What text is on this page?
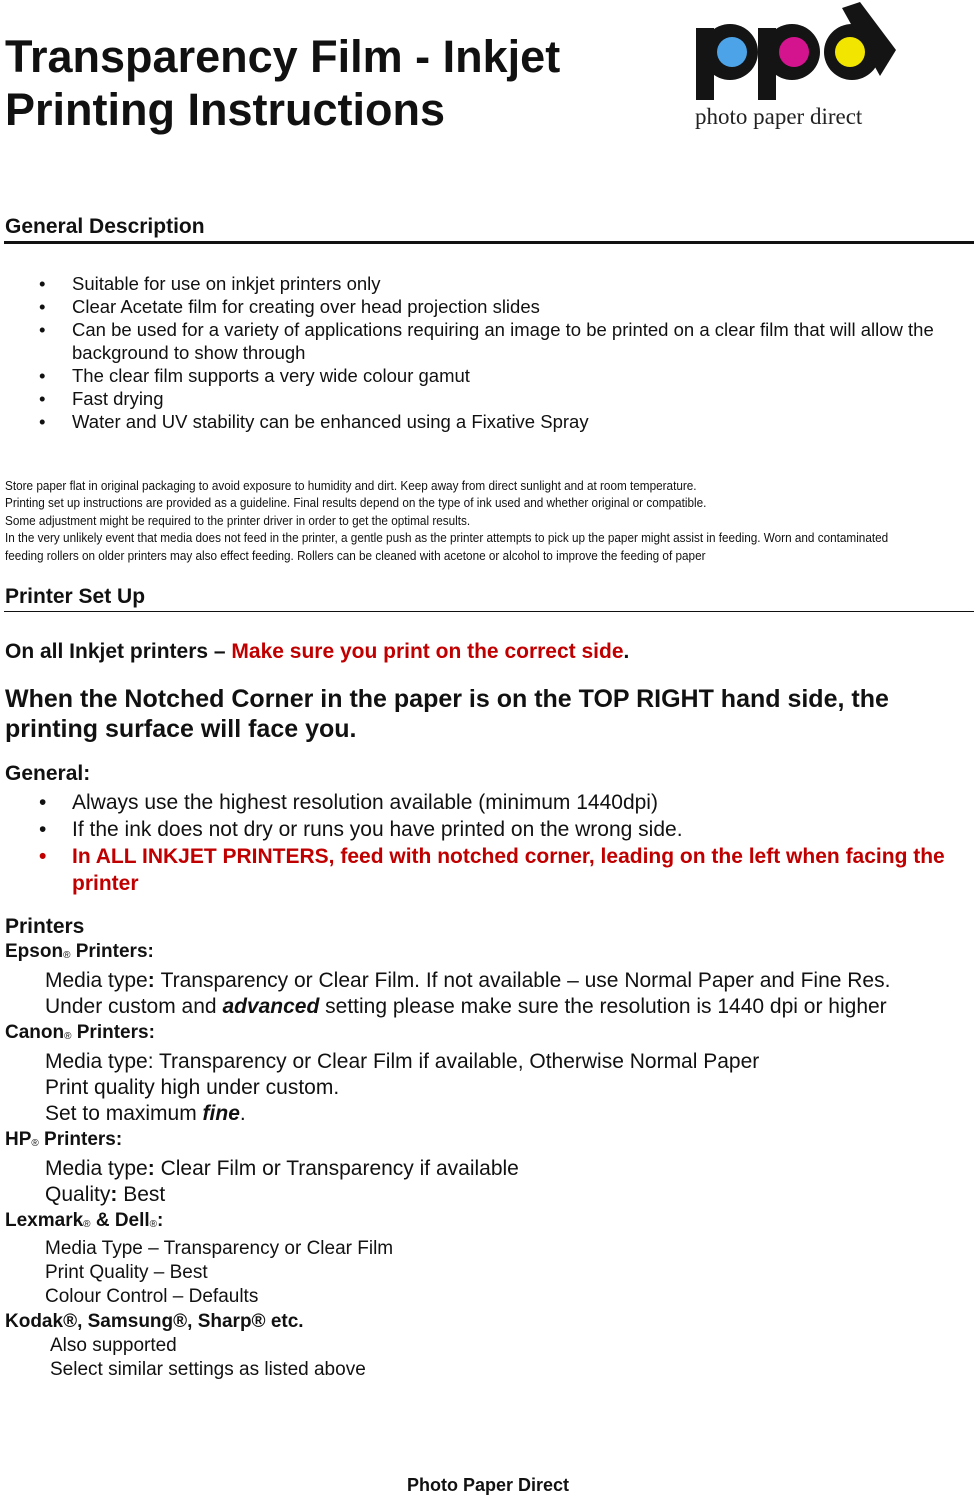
Transparency Film - Inkjet
Printing Instructions	photo paper direct
General Description
• Suitable for use on inkjet printers only
• Clear Acetate film for creating over head projection slides
• Can be used for a variety of applications requiring an image to be printed on a clear film that will allow the background to show through
• The clear film supports a very wide colour gamut
• Fast drying
• Water and UV stability can be enhanced using a Fixative Spray
Store paper flat in original packaging to avoid exposure to humidity and dirt. Keep away from direct sunlight and at room temperature.
Printing set up instructions are provided as a guideline. Final results depend on the type of ink used and whether original or compatible.
Some adjustment might be required to the printer driver in order to get the optimal results.
In the very unlikely event that media does not feed in the printer, a gentle push as the printer attempts to pick up the paper might assist in feeding. Worn and contaminated
feeding rollers on older printers may also effect feeding. Rollers can be cleaned with acetone or alcohol to improve the feeding of paper
Printer Set Up
On all Inkjet printers – Make sure you print on the correct side.
When the Notched Corner in the paper is on the TOP RIGHT hand side, the printing surface will face you.
General:
• Always use the highest resolution available (minimum 1440dpi)
• If the ink does not dry or runs you have printed on the wrong side.
• In ALL INKJET PRINTERS, feed with notched corner, leading on the left when facing the printer
Printers
Epson® Printers:
Media type: Transparency or Clear Film. If not available – use Normal Paper and Fine Res.
Under custom and advanced setting please make sure the resolution is 1440 dpi or higher
Canon® Printers:
Media type: Transparency or Clear Film if available, Otherwise Normal Paper
Print quality high under custom.
Set to maximum fine.
HP® Printers:
Media type: Clear Film or Transparency if available
Quality: Best
Lexmark® & Dell®:
Media Type – Transparency or Clear Film
Print Quality – Best
Colour Control – Defaults
Kodak®, Samsung®, Sharp® etc.
Also supported
Select similar settings as listed above
Photo Paper Direct
